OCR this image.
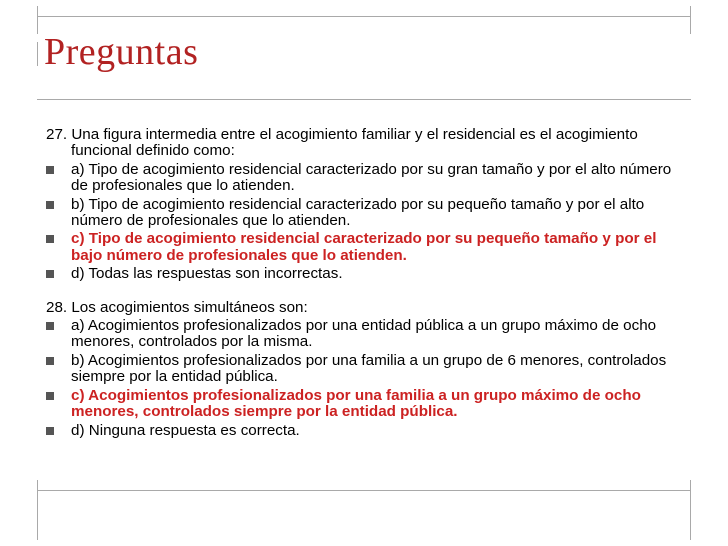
Preguntas

27. Una figura intermedia entre el acogimiento familiar y el residencial es el acogimiento funcional definido como:

a) Tipo de acogimiento residencial caracterizado por su gran tamaño y por el alto número de profesionales que lo atienden.
b) Tipo de acogimiento residencial caracterizado por su pequeño tamaño y por el alto número de profesionales que lo atienden.
c) Tipo de acogimiento residencial caracterizado por su pequeño tamaño y por el bajo número de profesionales que lo atienden.
d) Todas las respuestas son incorrectas.

28. Los acogimientos simultáneos son:

a) Acogimientos profesionalizados por una entidad pública a un grupo máximo de ocho menores, controlados por la misma.
b) Acogimientos profesionalizados por una familia a un grupo de 6 menores, controlados siempre por la entidad pública.
c) Acogimientos profesionalizados por una familia a un grupo máximo de ocho menores, controlados siempre por la entidad pública.
d) Ninguna respuesta es correcta.
